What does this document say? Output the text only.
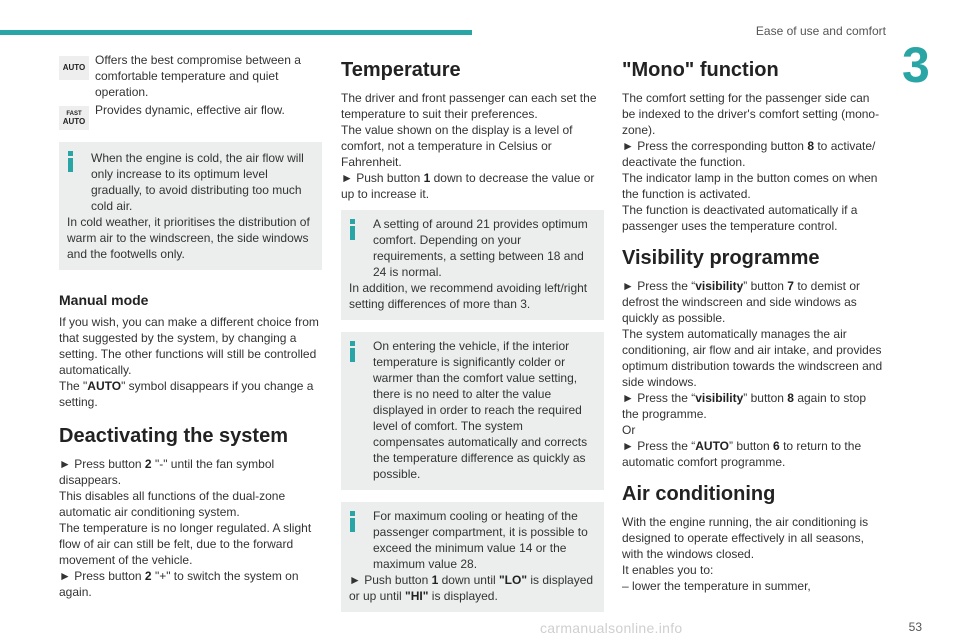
Ease of use and comfort
3
AUTO

Offers the best compromise between a comfortable temperature and quiet operation.

FAST
AUTO

Provides dynamic, effective air flow.

When the engine is cold, the air flow will only increase to its optimum level gradually, to avoid distributing too much cold air.

In cold weather, it prioritises the distribution of warm air to the windscreen, the side windows and the footwells only.

Manual mode

If you wish, you can make a different choice from that suggested by the system, by changing a setting. The other functions will still be controlled automatically.

The "AUTO" symbol disappears if you change a setting.

Deactivating the system

► Press button 2 "-" until the fan symbol disappears.

This disables all functions of the dual-zone automatic air conditioning system.

The temperature is no longer regulated. A slight flow of air can still be felt, due to the forward movement of the vehicle.

► Press button 2 "+" to switch the system on again.

Temperature

The driver and front passenger can each set the temperature to suit their preferences.

The value shown on the display is a level of comfort, not a temperature in Celsius or Fahrenheit.

► Push button 1 down to decrease the value or up to increase it.

A setting of around 21 provides optimum comfort. Depending on your requirements, a setting between 18 and 24 is normal.

In addition, we recommend avoiding left/right setting differences of more than 3.

On entering the vehicle, if the interior temperature is significantly colder or warmer than the comfort value setting, there is no need to alter the value displayed in order to reach the required level of comfort. The system compensates automatically and corrects the temperature difference as quickly as possible.

For maximum cooling or heating of the passenger compartment, it is possible to exceed the minimum value 14 or the maximum value 28.

► Push button 1 down until "LO" is displayed or up until "HI" is displayed.

"Mono" function

The comfort setting for the passenger side can be indexed to the driver's comfort setting (mono-zone).

► Press the corresponding button 8 to activate/ deactivate the function.

The indicator lamp in the button comes on when the function is activated.

The function is deactivated automatically if a passenger uses the temperature control.

Visibility programme

► Press the “visibility” button 7 to demist or defrost the windscreen and side windows as quickly as possible.

The system automatically manages the air conditioning, air flow and air intake, and provides optimum distribution towards the windscreen and side windows.

► Press the “visibility” button 8 again to stop the programme.

Or

► Press the “AUTO” button 6 to return to the automatic comfort programme.

Air conditioning

With the engine running, the air conditioning is designed to operate effectively in all seasons, with the windows closed.

It enables you to:

– lower the temperature in summer,

carmanualsonline.info	53
